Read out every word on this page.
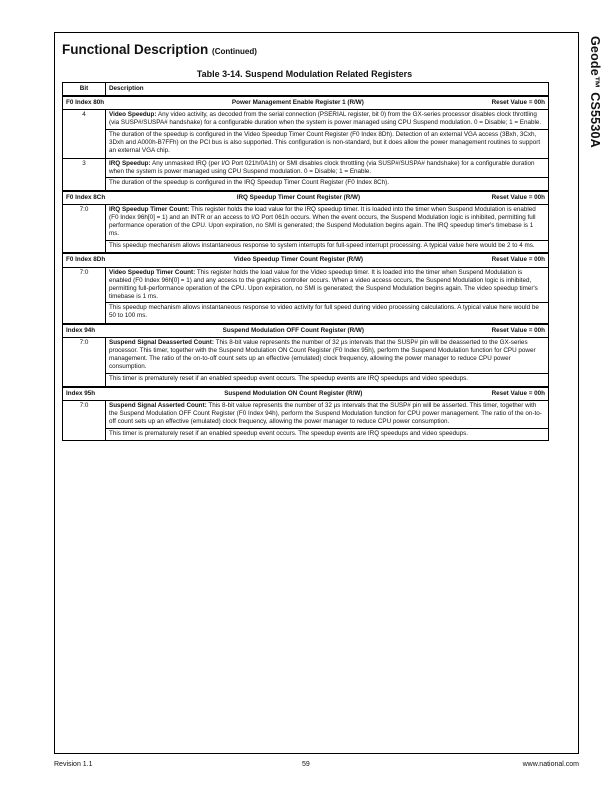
Geode™ CS5530A
Functional Description (Continued)
Table 3-14. Suspend Modulation Related Registers
Bit	Description

F0 Index 80h Power Management Enable Register 1 (R/W) Reset Value = 00h	

4	Video Speedup: Any video activity, as decoded from the serial connection (PSERIAL register, bit 0) from the GX-series processor disables clock throttling (via SUSP#/SUSPA# handshake) for a configurable duration when the system is power managed using CPU Suspend modulation. 0 = Disable; 1 = Enable.

The duration of the speedup is configured in the Video Speedup Timer Count Register (F0 Index 8Dh). Detection of an external VGA access (3Bxh, 3Cxh, 3Dxh and A000h-B7FFh) on the PCI bus is also supported. This configuration is non-standard, but it does allow the power management routines to support an external VGA chip.

3	IRQ Speedup: Any unmasked IRQ (per I/O Port 021h/0A1h) or SMI disables clock throttling (via SUSP#/SUSPA# handshake) for a configurable duration when the system is power managed using CPU Suspend modulation. 0 = Disable; 1 = Enable.

The duration of the speedup is configured in the IRQ Speedup Timer Count Register (F0 Index 8Ch).

F0 Index 8Ch IRQ Speedup Timer Count Register (R/W) Reset Value = 00h	

7:0	IRQ Speedup Timer Count: This register holds the load value for the IRQ speedup timer. It is loaded into the timer when Suspend Modulation is enabled (F0 Index 96h[0] = 1) and an INTR or an access to I/O Port 061h occurs. When the event occurs, the Suspend Modulation logic is inhibited, permitting full performance operation of the CPU. Upon expiration, no SMI is generated; the Suspend Modulation begins again. The IRQ speedup timer's timebase is 1 ms.

This speedup mechanism allows instantaneous response to system interrupts for full-speed interrupt processing. A typical value here would be 2 to 4 ms.

F0 Index 8Dh Video Speedup Timer Count Register (R/W) Reset Value = 00h	

7:0	Video Speedup Timer Count: This register holds the load value for the Video speedup timer. It is loaded into the timer when Suspend Modulation is enabled (F0 Index 96h[0] = 1) and any access to the graphics controller occurs. When a video access occurs, the Suspend Modulation logic is inhibited, permitting full-performance operation of the CPU. Upon expiration, no SMI is generated; the Suspend Modulation begins again. The video speedup timer's timebase is 1 ms.

This speedup mechanism allows instantaneous response to video activity for full speed during video processing calculations. A typical value here would be 50 to 100 ms.

Index 94h Suspend Modulation OFF Count Register (R/W) Reset Value = 00h	

7:0	Suspend Signal Deasserted Count: This 8-bit value represents the number of 32 µs intervals that the SUSP# pin will be deasserted to the GX-series processor. This timer, together with the Suspend Modulation ON Count Register (F0 Index 95h), perform the Suspend Modulation function for CPU power management. The ratio of the on-to-off count sets up an effective (emulated) clock frequency, allowing the power manager to reduce CPU power consumption.

This timer is prematurely reset if an enabled speedup event occurs. The speedup events are IRQ speedups and video speedups.

Index 95h Suspend Modulation ON Count Register (R/W) Reset Value = 00h	

7:0	Suspend Signal Asserted Count: This 8-bit value represents the number of 32 µs intervals that the SUSP# pin will be asserted. This timer, together with the Suspend Modulation OFF Count Register (F0 Index 94h), perform the Suspend Modulation function for CPU power management. The ratio of the on-to-off count sets up an effective (emulated) clock frequency, allowing the power manager to reduce CPU power consumption.

This timer is prematurely reset if an enabled speedup event occurs. The speedup events are IRQ speedups and video speedups.

Revision 1.1	59	www.national.com
